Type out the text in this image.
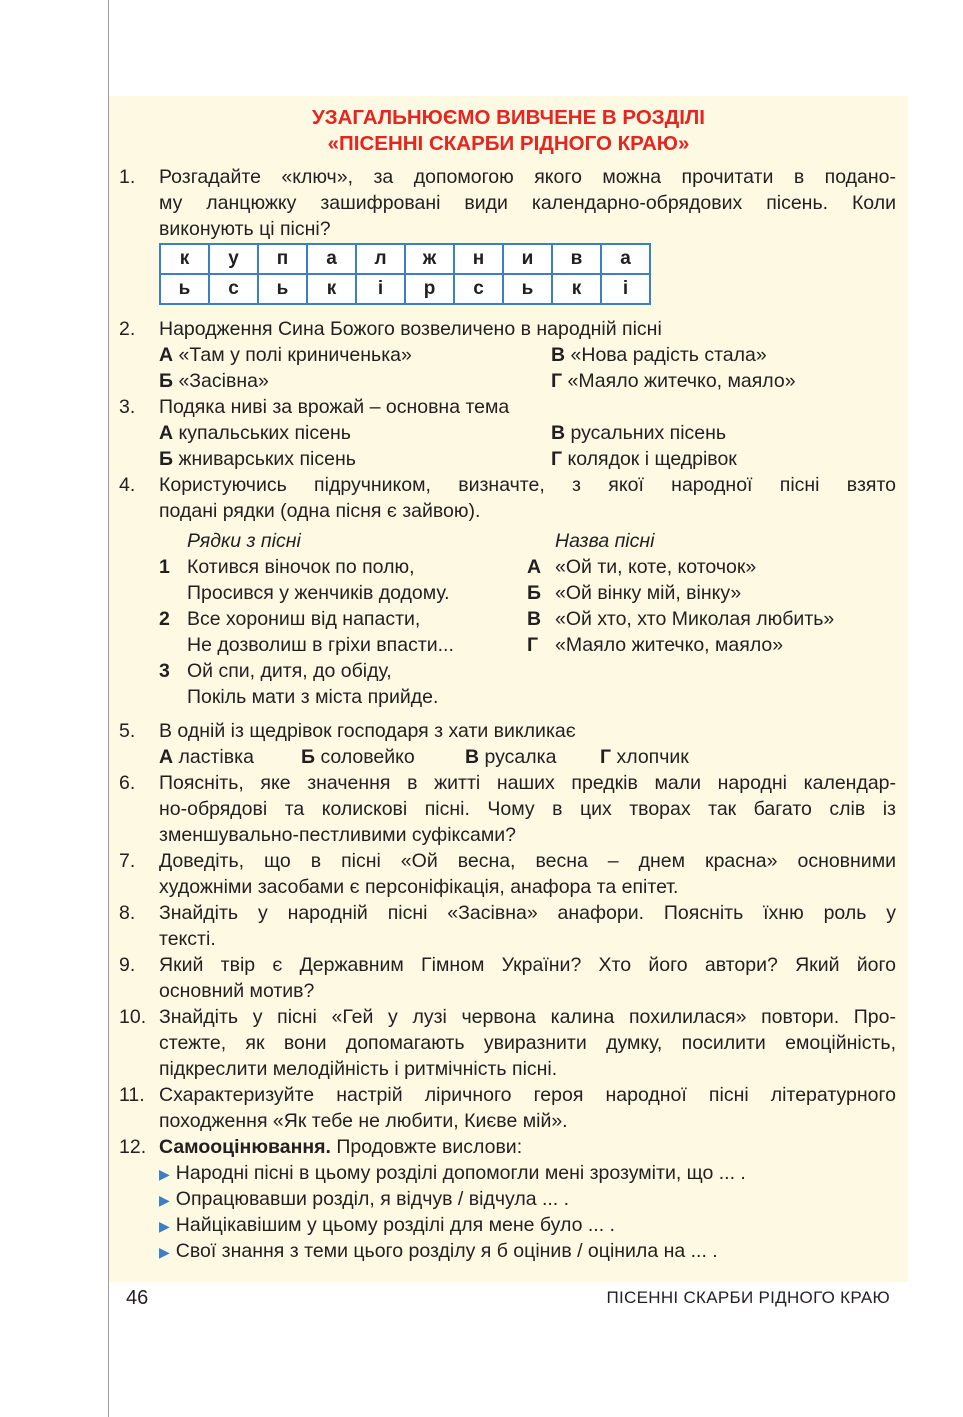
УЗАГАЛЬНЮЄМО ВИВЧЕНЕ В РОЗДІЛІ
«ПІСЕННІ СКАРБИ РІДНОГО КРАЮ»
1. Розгадайте «ключ», за допомогою якого можна прочитати в подано-
му ланцюжку зашифровані види календарно-обрядових пісень. Коли
виконують ці пісні?
к	у	п	а	л	ж	н	и	в	а
ь	с	ь	к	і	р	с	ь	к	і
2. Народження Сина Божого возвеличено в народній пісні
А «Там у полі криниченька»	В «Нова радість стала»
Б «Засівна»	Г «Маяло житечко, маяло»
3. Подяка ниві за врожай – основна тема
А купальських пісень	В русальних пісень
Б жниварських пісень	Г колядок і щедрівок
4. Користуючись підручником, визначте, з якої народної пісні взято
подані рядки (одна пісня є зайвою).
Рядки з пісні	Назва пісні
1 Котився віночок по полю,
Просився у женчиків додому.
2 Все хорониш від напасти,
Не дозволиш в гріхи впасти...
3 Ой спи, дитя, до обіду,
Покіль мати з міста прийде.
А «Ой ти, коте, коточок»
Б «Ой вінку мій, вінку»
В «Ой хто, хто Миколая любить»
Г «Маяло житечко, маяло»
5. В одній із щедрівок господаря з хати викликає
А ластівка Б соловейко	В русалка Г хлопчик
6. Поясніть, яке значення в житті наших предків мали народні календар-
но-обрядові та колискові пісні. Чому в цих творах так багато слів із
зменшувально-пестливими суфіксами?
7. Доведіть, що в пісні «Ой весна, весна – днем красна» основними
художніми засобами є персоніфікація, анафора та епітет.
8. Знайдіть у народній пісні «Засівна» анафори. Поясніть їхню роль у
тексті.
9. Який твір є Державним Гімном України? Хто його автори? Який його
основний мотив?
10. Знайдіть у пісні «Гей у лузі червона калина похилилася» повтори. Про-
стежте, як вони допомагають увиразнити думку, посилити емоційність,
підкреслити мелодійність і ритмічність пісні.
11. Схарактеризуйте настрій ліричного героя народної пісні літературного
походження «Як тебе не любити, Києве мій».
12. Самооцінювання. Продовжте вислови:
▶ Народні пісні в цьому розділі допомогли мені зрозуміти, що ... .
▶ Опрацювавши розділ, я відчув / відчула ... .
▶ Найцікавішим у цьому розділі для мене було ... .
▶ Свої знання з теми цього розділу я б оцінив / оцінила на ... .
46	ПІСЕННІ СКАРБИ РІДНОГО КРАЮ
